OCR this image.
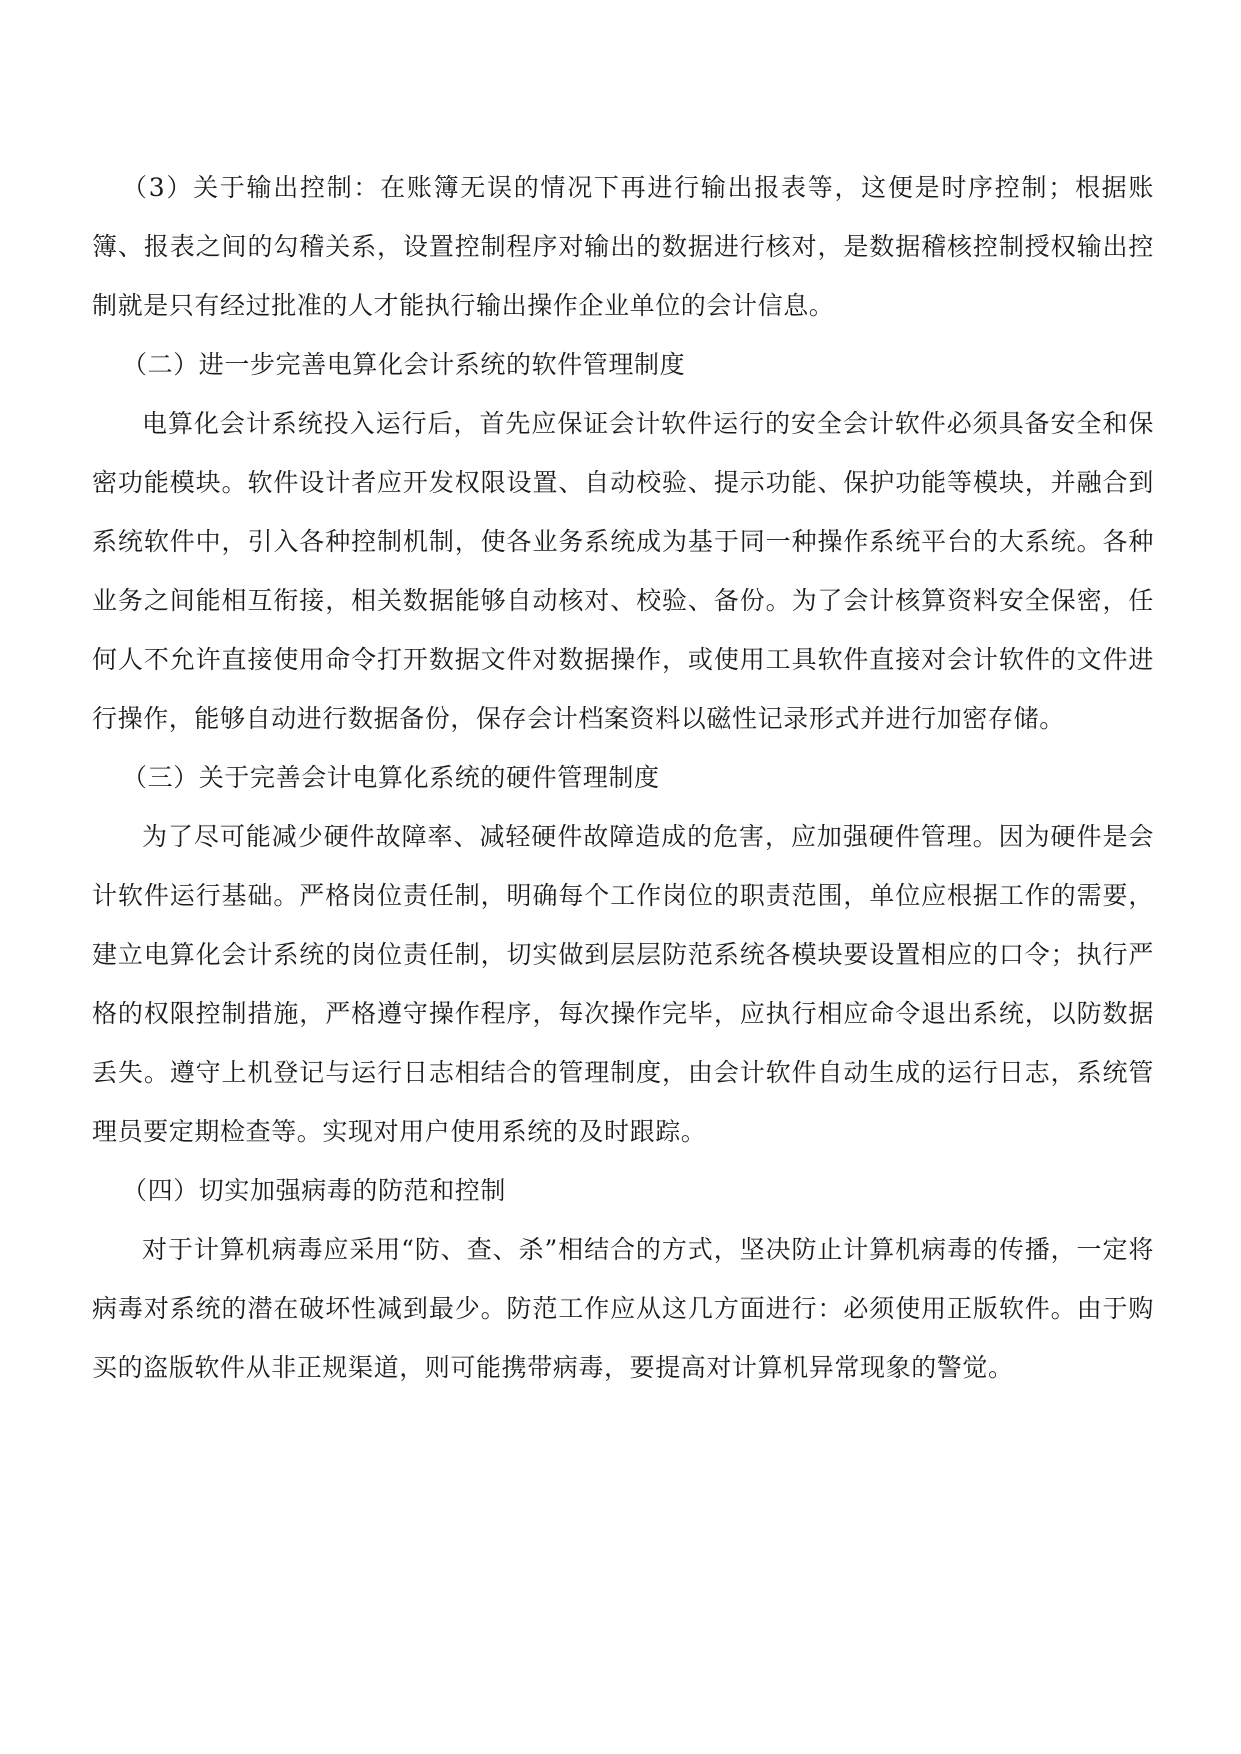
（3）关于输出控制：在账簿无误的情况下再进行输出报表等，这便是时序控制；根据账簿、报表之间的勾稽关系，设置控制程序对输出的数据进行核对，是数据稽核控制授权输出控制就是只有经过批准的人才能执行输出操作企业单位的会计信息。

（二）进一步完善电算化会计系统的软件管理制度

电算化会计系统投入运行后，首先应保证会计软件运行的安全会计软件必须具备安全和保密功能模块。软件设计者应开发权限设置、自动校验、提示功能、保护功能等模块，并融合到系统软件中，引入各种控制机制，使各业务系统成为基于同一种操作系统平台的大系统。各种业务之间能相互衔接，相关数据能够自动核对、校验、备份。为了会计核算资料安全保密，任何人不允许直接使用命令打开数据文件对数据操作，或使用工具软件直接对会计软件的文件进行操作，能够自动进行数据备份，保存会计档案资料以磁性记录形式并进行加密存储。

（三）关于完善会计电算化系统的硬件管理制度

为了尽可能减少硬件故障率、减轻硬件故障造成的危害，应加强硬件管理。因为硬件是会计软件运行基础。严格岗位责任制，明确每个工作岗位的职责范围，单位应根据工作的需要，建立电算化会计系统的岗位责任制，切实做到层层防范系统各模块要设置相应的口令；执行严格的权限控制措施，严格遵守操作程序，每次操作完毕，应执行相应命令退出系统，以防数据丢失。遵守上机登记与运行日志相结合的管理制度，由会计软件自动生成的运行日志，系统管理员要定期检查等。实现对用户使用系统的及时跟踪。

（四）切实加强病毒的防范和控制

对于计算机病毒应采用“防、查、杀”相结合的方式，坚决防止计算机病毒的传播，一定将病毒对系统的潜在破坏性减到最少。防范工作应从这几方面进行：必须使用正版软件。由于购买的盗版软件从非正规渠道，则可能携带病毒，要提高对计算机异常现象的警觉。
